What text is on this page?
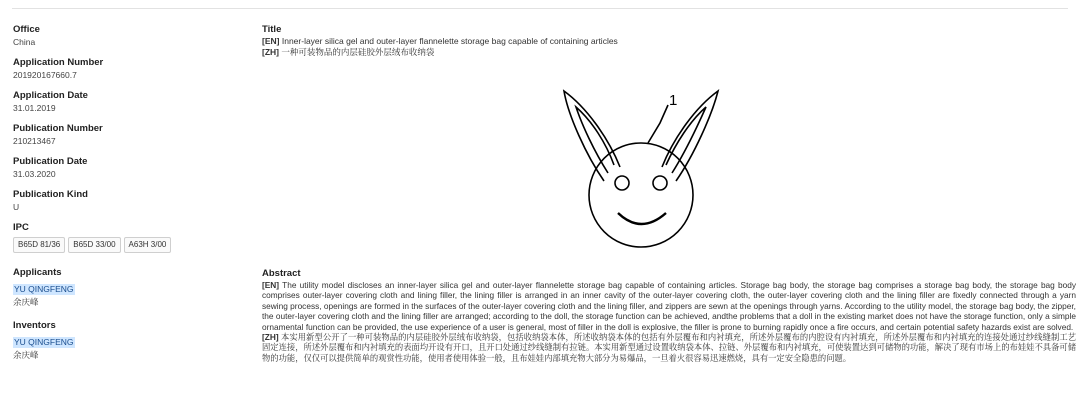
Office
China
Application Number
201920167660.7
Application Date
31.01.2019
Publication Number
210213467
Publication Date
31.03.2020
Publication Kind
U
IPC
B65D 81/36	B65D 33/00	A63H 3/00
Applicants
YU QINGFENG
余庆峰
Inventors
YU QINGFENG
余庆峰
Title
[EN] Inner-layer silica gel and outer-layer flannelette storage bag capable of containing articles
[ZH] 一种可装物品的内层硅胶外层绒布收纳袋
1
Abstract

[EN] The utility model discloses an inner-layer silica gel and outer-layer flannelette storage bag capable of containing articles. Storage bag body, the storage bag comprises a storage bag body, the storage bag body comprises outer-layer covering cloth and lining filler, the lining filler is arranged in an inner cavity of the outer-layer covering cloth, the outer-layer covering cloth and the lining filler are fixedly connected through a yarn sewing process, openings are formed in the surfaces of the outer-layer covering cloth and the lining filler, and zippers are sewn at the openings through yarns. According to the utility model, the storage bag body, the zipper, the outer-layer covering cloth and the lining filler are arranged; according to the doll, the storage function can be achieved, andthe problems that a doll in the existing market does not have the storage function, only a simple ornamental function can be provided, the use experience of a user is general, most of filler in the doll is explosive, the filler is prone to burning rapidly once a fire occurs, and certain potential safety hazards exist are solved.

[ZH] 本实用新型公开了一种可装物品的内层硅胶外层绒布收纳袋，包括收纳袋本体，所述收纳袋本体的包括有外层覆布和内衬填充，所述外层覆布的内腔设有内衬填充，所述外层覆布和内衬填充的连接处通过纱线缝制工艺固定连接，所述外层覆布和内衬填充的表面均开设有开口，且开口处通过纱线缝制有拉链。本实用新型通过设置收纳袋本体、拉链、外层覆布和内衬填充，可使装置达到可储物的功能，解决了现有市场上的布娃娃不具备可储物的功能，仅仅可以提供简单的观赏性功能，使用者使用体验一般，且布娃娃内部填充物大部分为易爆品，一旦着火很容易迅速燃烧，具有一定安全隐患的问题。
